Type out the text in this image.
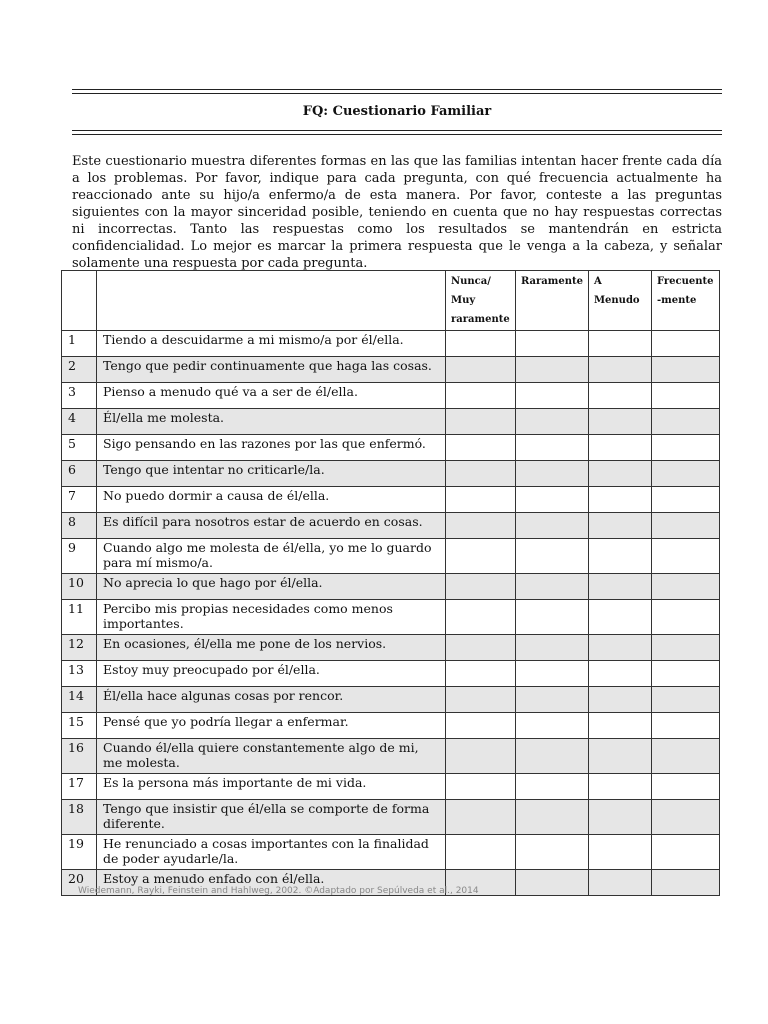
FQ: Cuestionario Familiar
Este cuestionario muestra diferentes formas en las que las familias intentan hacer frente cada día a los problemas. Por favor, indique para cada pregunta, con qué frecuencia actualmente ha reaccionado ante su hijo/a enfermo/a de esta manera. Por favor, conteste a las preguntas siguientes con la mayor sinceridad posible, teniendo en cuenta que no hay respuestas correctas ni incorrectas. Tanto las respuestas como los resultados se mantendrán en estricta confidencialidad. Lo mejor es marcar la primera respuesta que le venga a la cabeza, y señalar solamente una respuesta por cada pregunta.
		Nunca/ Muy raramente	Raramente	A Menudo	Frecuente -mente
1	Tiendo a descuidarme a mi mismo/a por él/ella.				
2	Tengo que pedir continuamente que haga las cosas.				
3	Pienso a menudo qué va a ser de él/ella.				
4	Él/ella me molesta.				
5	Sigo pensando en las razones por las que enfermó.				
6	Tengo que intentar no criticarle/la.				
7	No puedo dormir a causa de él/ella.				
8	Es difícil para nosotros estar de acuerdo en cosas.				
9	Cuando algo me molesta de él/ella, yo me lo guardo para mí mismo/a.				
10	No aprecia lo que hago por él/ella.				
11	Percibo mis propias necesidades como menos importantes.				
12	En ocasiones, él/ella me pone de los nervios.				
13	Estoy muy preocupado por él/ella.				
14	Él/ella hace algunas cosas por rencor.				
15	Pensé que yo podría llegar a enfermar.				
16	Cuando él/ella quiere constantemente algo de mi, me molesta.				
17	Es la persona más importante de mi vida.				
18	Tengo que insistir que él/ella se comporte de forma diferente.				
19	He renunciado a cosas importantes con la finalidad de poder ayudarle/la.				
20	Estoy a menudo enfado con él/ella.				
Wiedemann, Rayki, Feinstein and Hahlweg, 2002. ©Adaptado por Sepúlveda et al., 2014
